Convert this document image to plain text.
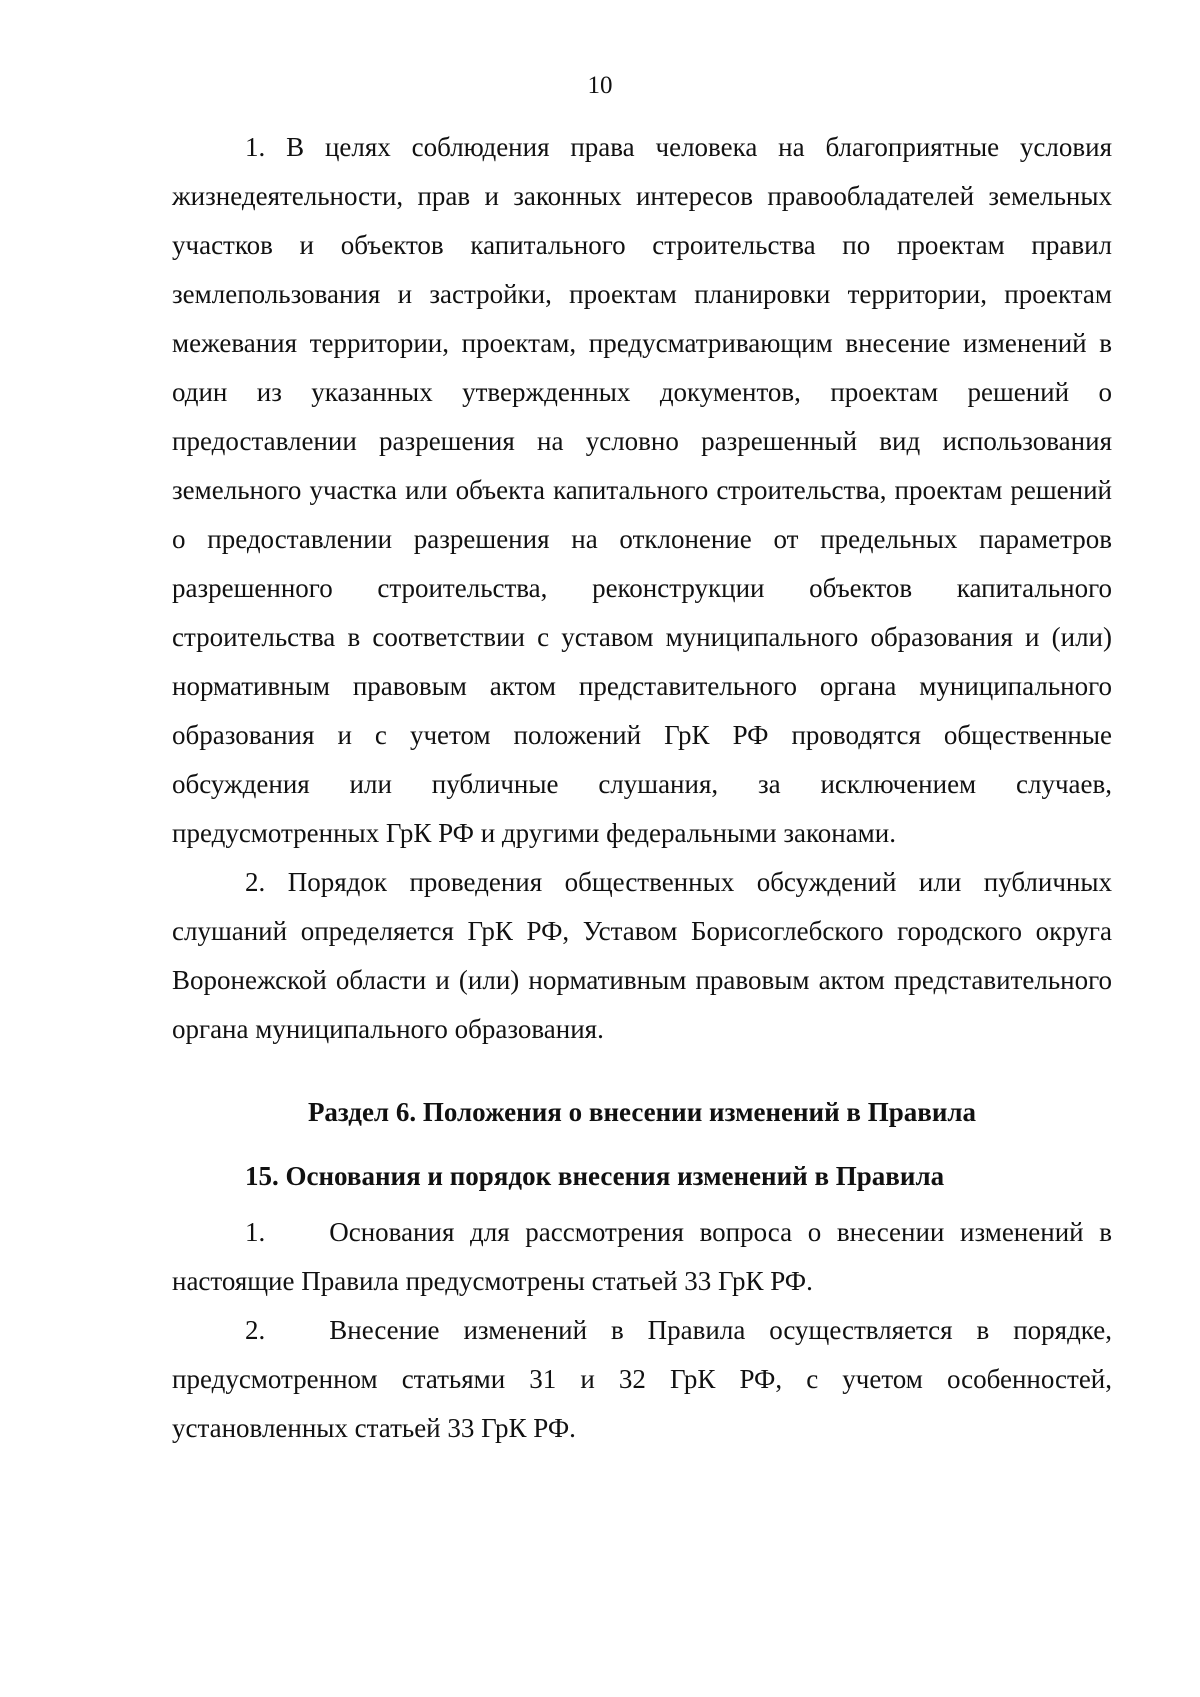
10

1. В целях соблюдения права человека на благоприятные условия жизнедеятельности, прав и законных интересов правообладателей земельных участков и объектов капитального строительства по проектам правил землепользования и застройки, проектам планировки территории, проектам межевания территории, проектам, предусматривающим внесение изменений в один из указанных утвержденных документов, проектам решений о предоставлении разрешения на условно разрешенный вид использования земельного участка или объекта капитального строительства, проектам решений о предоставлении разрешения на отклонение от предельных параметров разрешенного строительства, реконструкции объектов капитального строительства в соответствии с уставом муниципального образования и (или) нормативным правовым актом представительного органа муниципального образования и с учетом положений ГрК РФ проводятся общественные обсуждения или публичные слушания, за исключением случаев, предусмотренных ГрК РФ и другими федеральными законами.

2. Порядок проведения общественных обсуждений или публичных слушаний определяется ГрК РФ, Уставом Борисоглебского городского округа Воронежской области и (или) нормативным правовым актом представительного органа муниципального образования.

Раздел 6. Положения о внесении изменений в Правила
15. Основания и порядок внесения изменений в Правила

1. Основания для рассмотрения вопроса о внесении изменений в настоящие Правила предусмотрены статьей 33 ГрК РФ.

2. Внесение изменений в Правила осуществляется в порядке, предусмотренном статьями 31 и 32 ГрК РФ, с учетом особенностей, установленных статьей 33 ГрК РФ.
